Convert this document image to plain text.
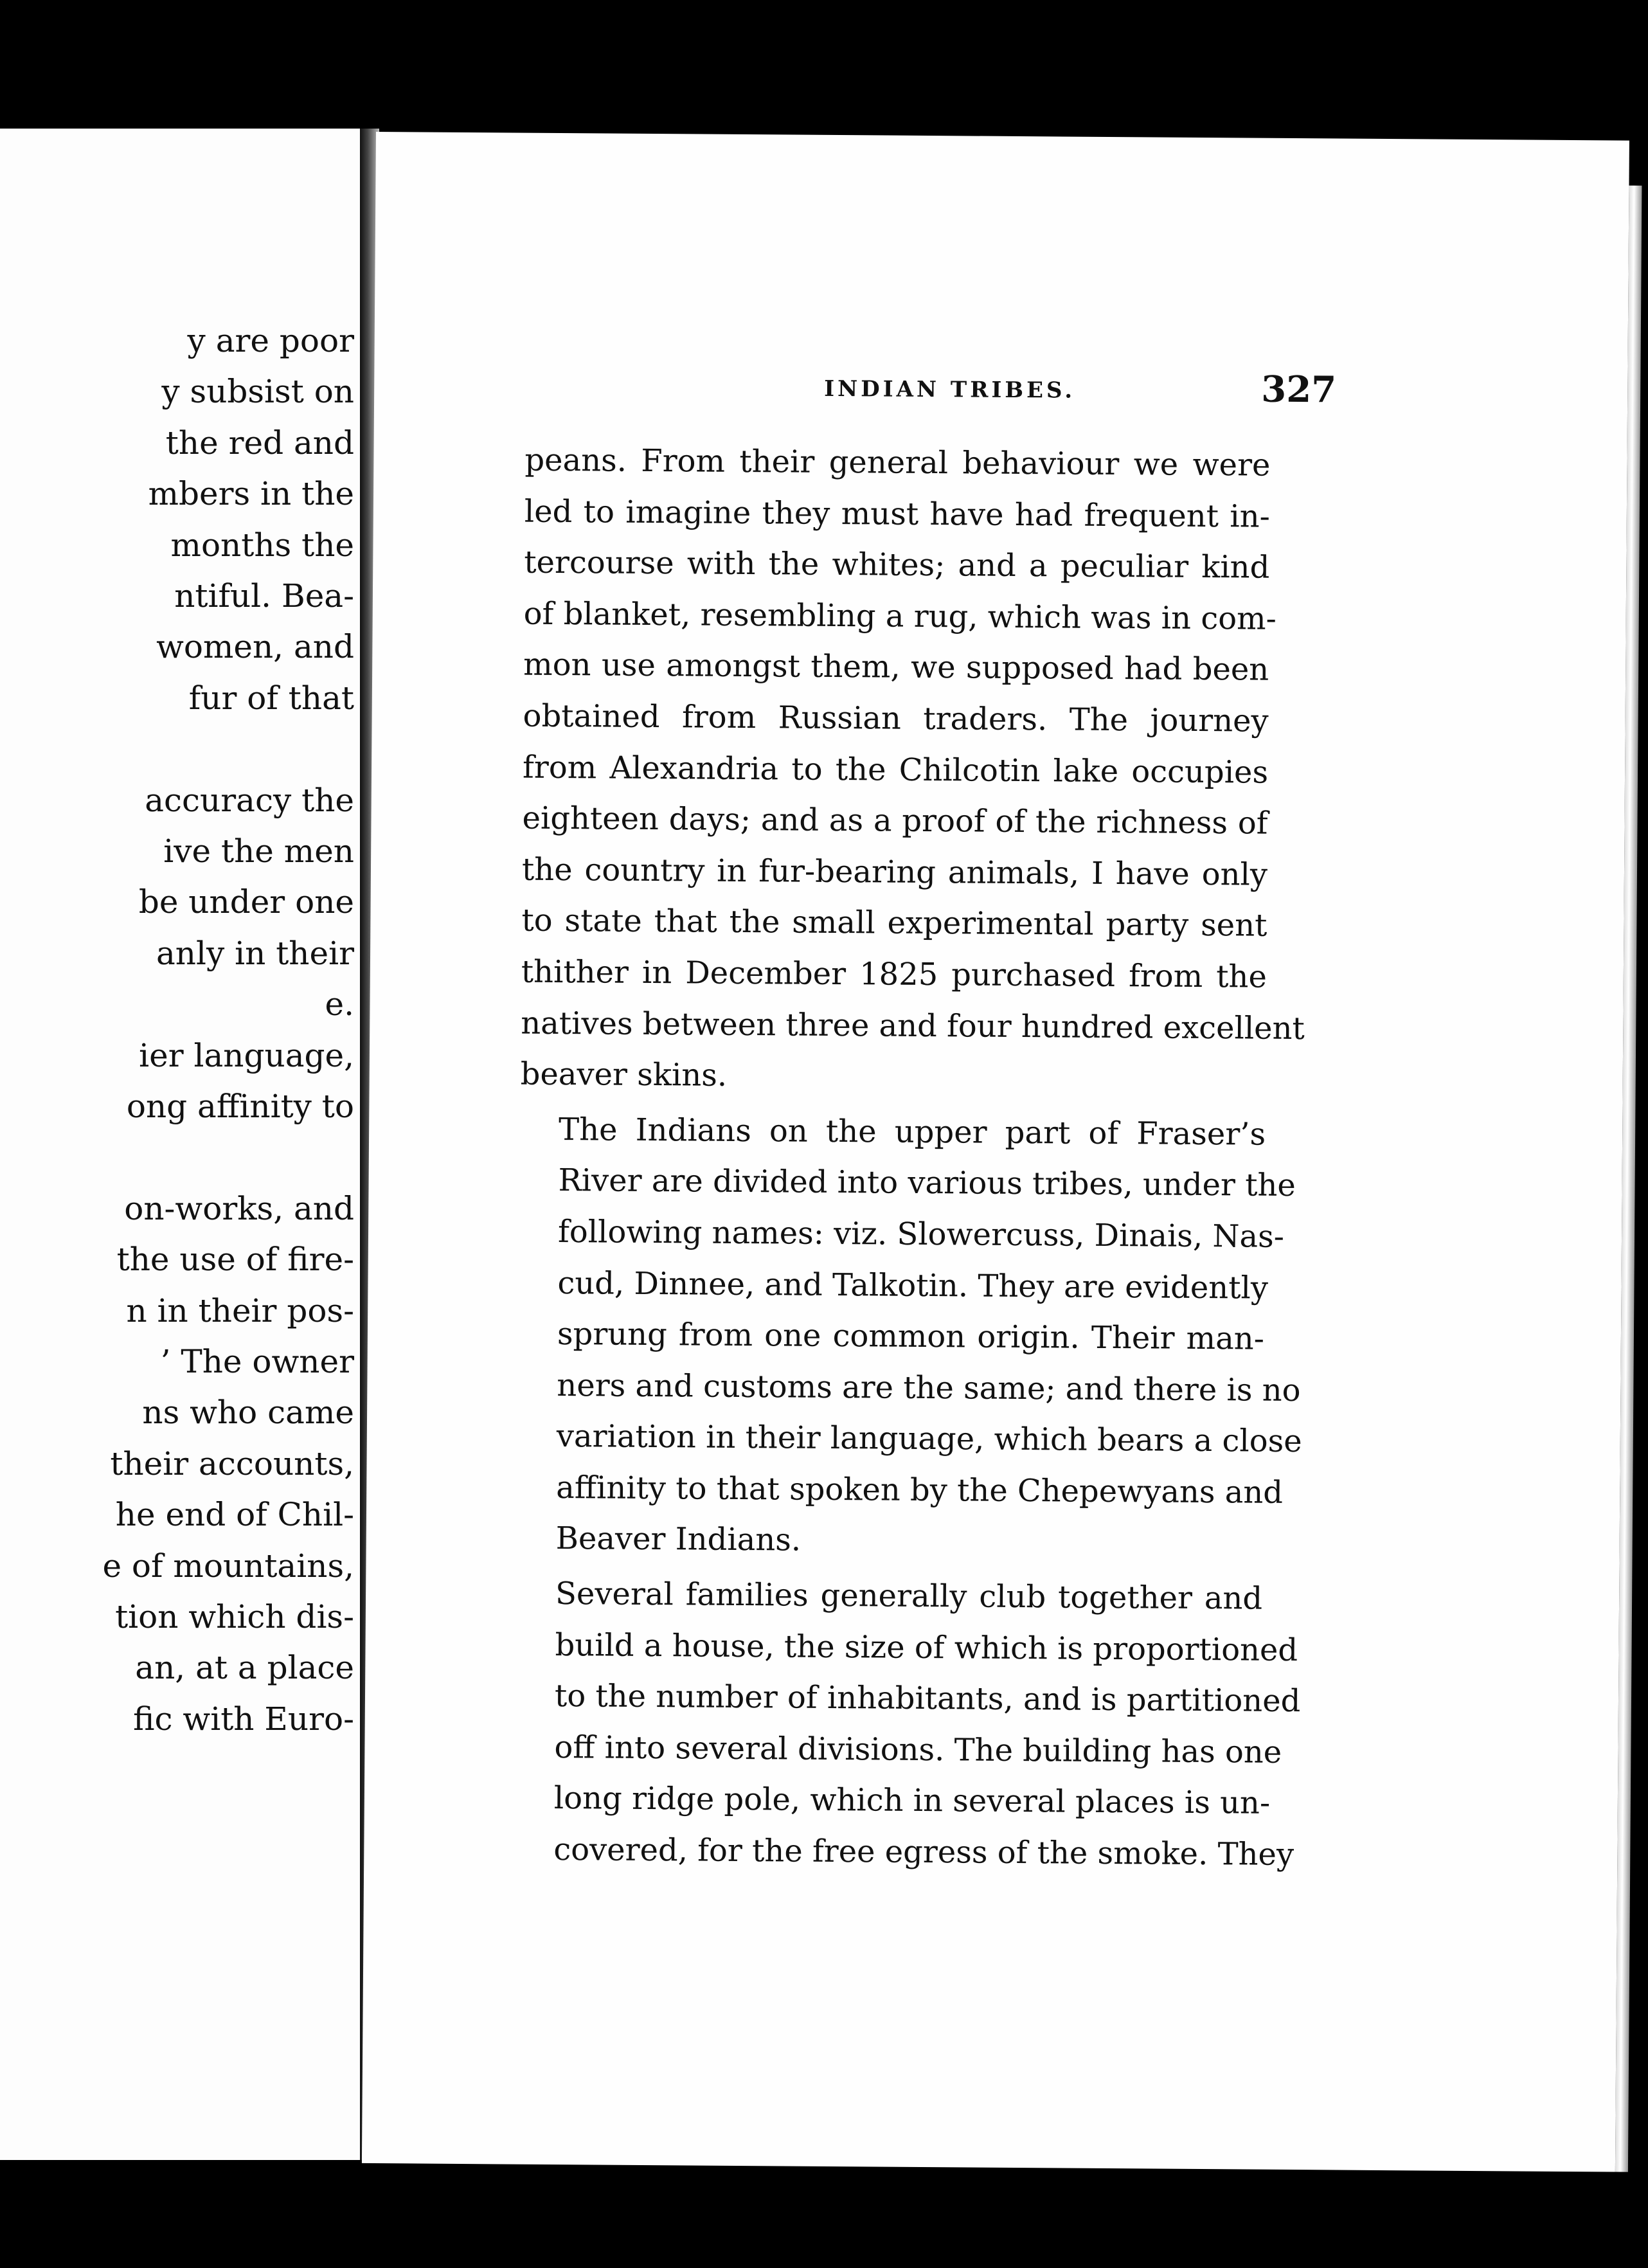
y are poor
y subsist on
the red and
mbers in the
months the
ntiful. Bea-
women, and
fur of that
accuracy the
ive the men
be under one
anly in their
e.
ier language,
ong affinity to
on-works, and
the use of fire-
n in their pos-
’ The owner
ns who came
their accounts,
he end of Chil-
e of mountains,
tion which dis-
an, at a place
fic with Euro-
INDIAN TRIBES.	327

peans. From their general behaviour we were
led to imagine they must have had frequent in-
tercourse with the whites; and a peculiar kind
of blanket, resembling a rug, which was in com-
mon use amongst them, we supposed had been
obtained from Russian traders. The journey
from Alexandria to the Chilcotin lake occupies
eighteen days; and as a proof of the richness of
the country in fur-bearing animals, I have only
to state that the small experimental party sent
thither in December 1825 purchased from the
natives between three and four hundred excellent
beaver skins.

The Indians on the upper part of Fraser’s
River are divided into various tribes, under the
following names: viz. Slowercuss, Dinais, Nas-
cud, Dinnee, and Talkotin. They are evidently
sprung from one common origin. Their man-
ners and customs are the same; and there is no
variation in their language, which bears a close
affinity to that spoken by the Chepewyans and
Beaver Indians.

Several families generally club together and
build a house, the size of which is proportioned
to the number of inhabitants, and is partitioned
off into several divisions. The building has one
long ridge pole, which in several places is un-
covered, for the free egress of the smoke. They
